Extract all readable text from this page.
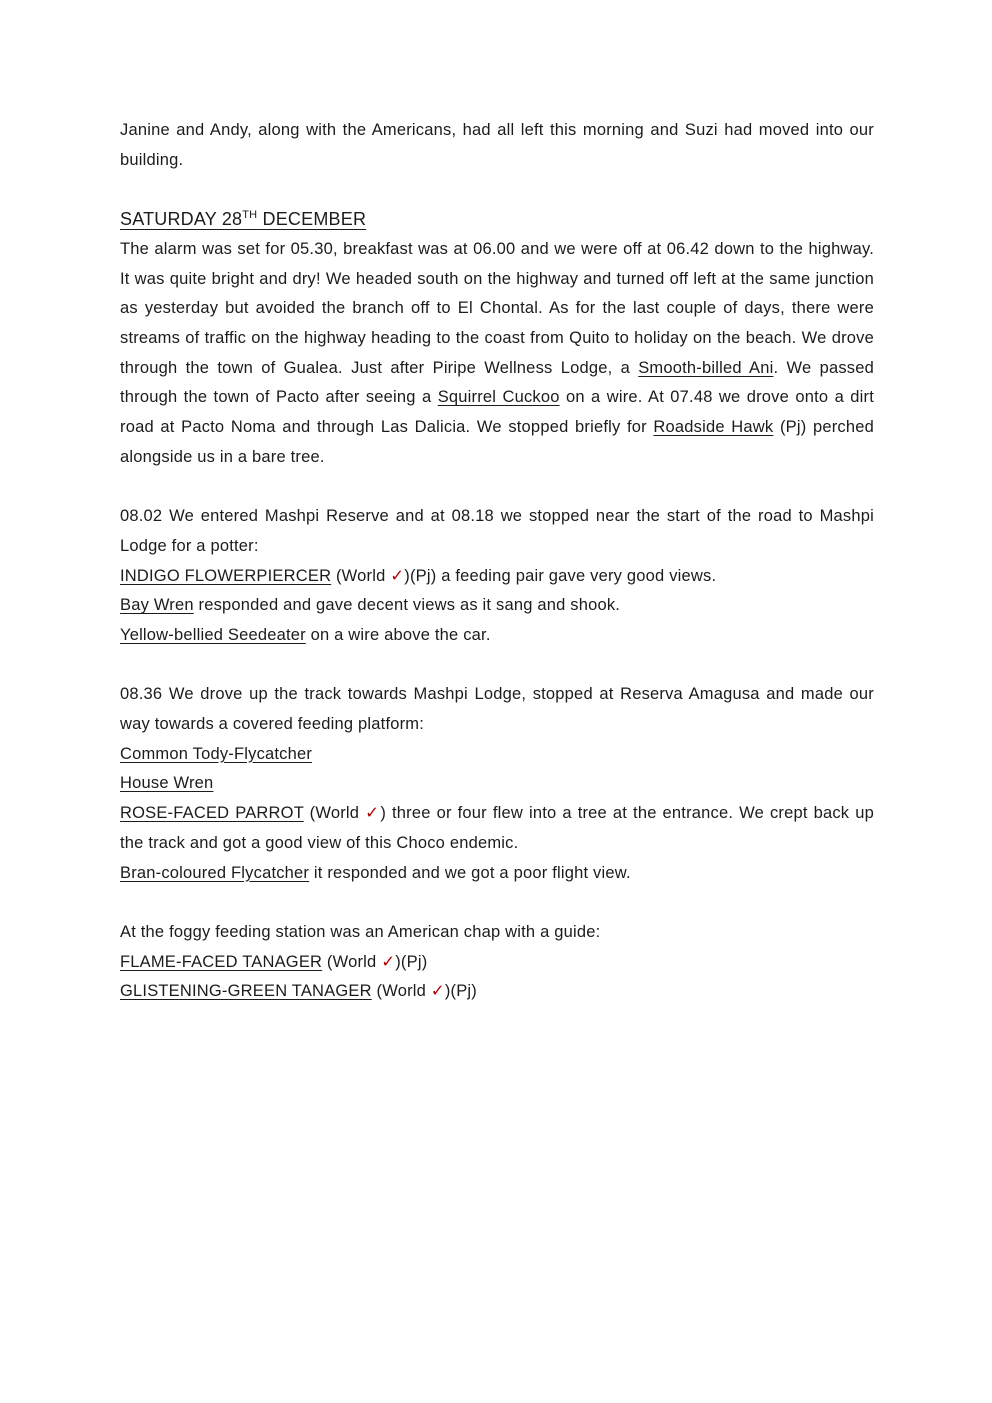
Janine and Andy, along with the Americans, had all left this morning and Suzi had moved into our building.
SATURDAY 28TH DECEMBER
The alarm was set for 05.30, breakfast was at 06.00 and we were off at 06.42 down to the highway. It was quite bright and dry! We headed south on the highway and turned off left at the same junction as yesterday but avoided the branch off to El Chontal. As for the last couple of days, there were streams of traffic on the highway heading to the coast from Quito to holiday on the beach. We drove through the town of Gualea. Just after Piripe Wellness Lodge, a Smooth-billed Ani. We passed through the town of Pacto after seeing a Squirrel Cuckoo on a wire. At 07.48 we drove onto a dirt road at Pacto Noma and through Las Dalicia. We stopped briefly for Roadside Hawk (Pj) perched alongside us in a bare tree.
08.02 We entered Mashpi Reserve and at 08.18 we stopped near the start of the road to Mashpi Lodge for a potter:
INDIGO FLOWERPIERCER (World ✓)(Pj) a feeding pair gave very good views.
Bay Wren responded and gave decent views as it sang and shook.
Yellow-bellied Seedeater on a wire above the car.
08.36 We drove up the track towards Mashpi Lodge, stopped at Reserva Amagusa and made our way towards a covered feeding platform:
Common Tody-Flycatcher
House Wren
ROSE-FACED PARROT (World ✓) three or four flew into a tree at the entrance. We crept back up the track and got a good view of this Choco endemic.
Bran-coloured Flycatcher it responded and we got a poor flight view.
At the foggy feeding station was an American chap with a guide:
FLAME-FACED TANAGER (World ✓)(Pj)
GLISTENING-GREEN TANAGER (World ✓)(Pj)
